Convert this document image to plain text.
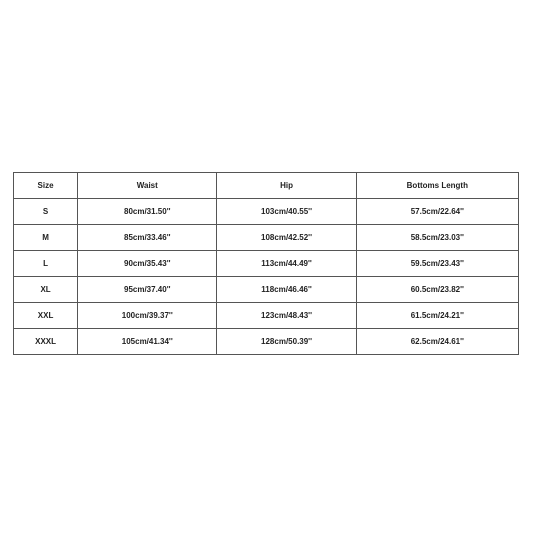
Size	Waist	Hip	Bottoms Length
S	80cm/31.50''	103cm/40.55''	57.5cm/22.64''
M	85cm/33.46''	108cm/42.52''	58.5cm/23.03''
L	90cm/35.43''	113cm/44.49''	59.5cm/23.43''
XL	95cm/37.40''	118cm/46.46''	60.5cm/23.82''
XXL	100cm/39.37''	123cm/48.43''	61.5cm/24.21''
XXXL	105cm/41.34''	128cm/50.39''	62.5cm/24.61''
